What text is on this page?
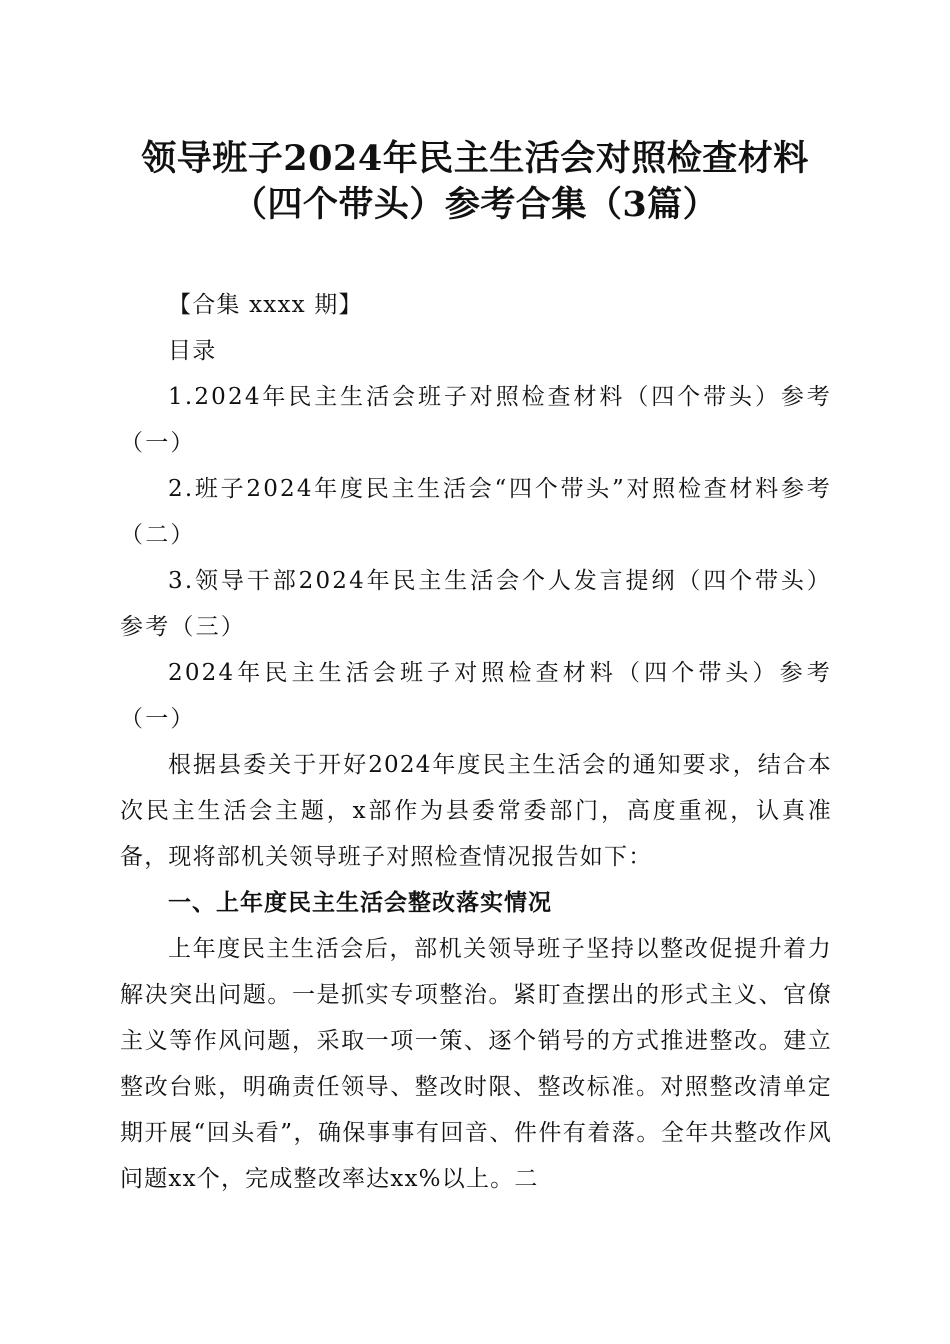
领导班子2024年民主生活会对照检查材料
（四个带头）参考合集（3篇）

【合集 xxxx 期】

目录

1.2024年民主生活会班子对照检查材料（四个带头）参考（一）

2.班子2024年度民主生活会“四个带头”对照检查材料参考（二）

3.领导干部2024年民主生活会个人发言提纲（四个带头）参考（三）

2024年民主生活会班子对照检查材料（四个带头）参考（一）

根据县委关于开好2024年度民主生活会的通知要求，结合本次民主生活会主题，x部作为县委常委部门，高度重视，认真准备，现将部机关领导班子对照检查情况报告如下：

一、上年度民主生活会整改落实情况

上年度民主生活会后，部机关领导班子坚持以整改促提升着力解决突出问题。一是抓实专项整治。紧盯查摆出的形式主义、官僚主义等作风问题，采取一项一策、逐个销号的方式推进整改。建立整改台账，明确责任领导、整改时限、整改标准。对照整改清单定期开展“回头看”，确保事事有回音、件件有着落。全年共整改作风问题xx个，完成整改率达xx%以上。二
